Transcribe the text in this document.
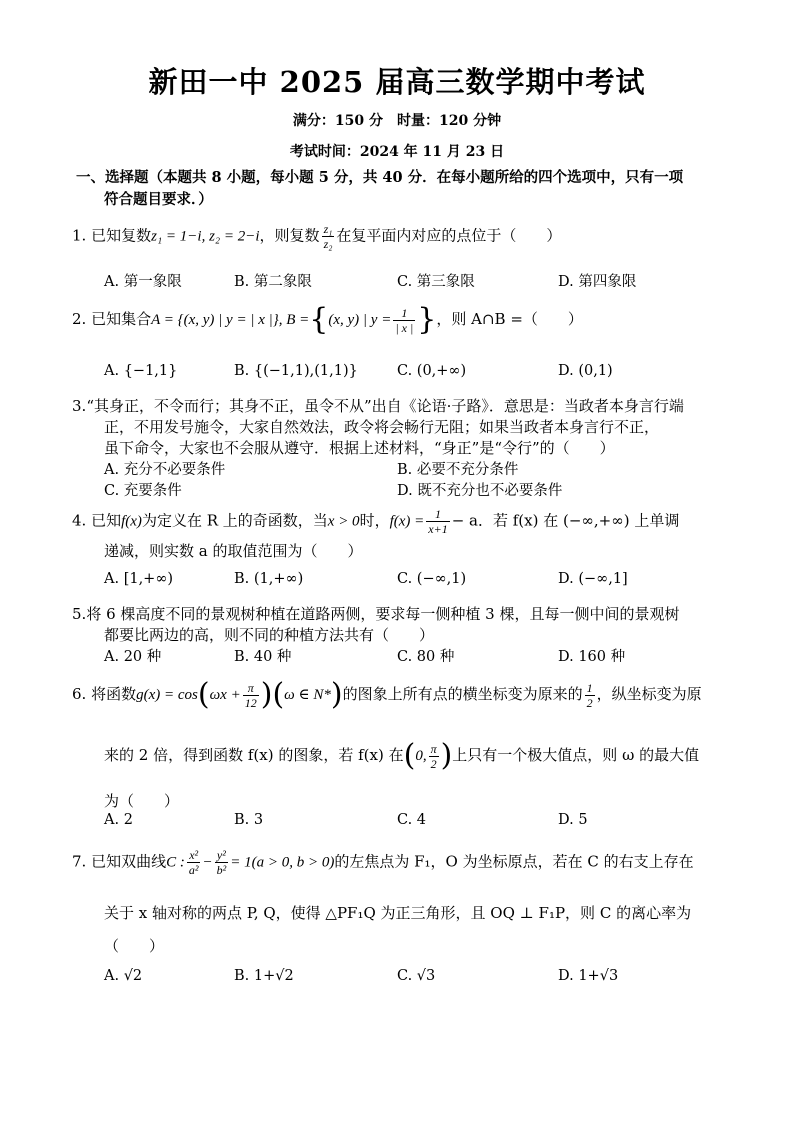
新田一中 2025 届高三数学期中考试
满分：150 分　时量：120 分钟
考试时间：2024 年 11 月 23 日
一、选择题（本题共 8 小题，每小题 5 分，共 40 分．在每小题所给的四个选项中，只有一项
符合题目要求．）
1. 已知复数z₁ = 1−i, z₂ = 2−i，则复数 $\frac{\text{z₁}}{\text{z₂}}$ 在复平面内对应的点位于（　　）
A. 第一象限	B. 第二象限	C. 第三象限	D. 第四象限
2. 已知集合A = {(x, y) | y = | x |}, B ={(x, y) | $y = \frac{1}{| x |}$ }，则 A∩B =（　　）
A. {−1,1}	B. {(−1,1),(1,1)}	C. (0,+∞)	D. (0,1)
3.“其身正，不令而行；其身不正，虽令不从”出自《论语·子路》．意思是：当政者本身言行端
正，不用发号施令，大家自然效法，政令将会畅行无阻；如果当政者本身言行不正，
虽下命令，大家也不会服从遵守．根据上述材料，“身正”是“令行”的（　　）
A. 充分不必要条件	B. 必要不充分条件
C. 充要条件	D. 既不充分也不必要条件
4. 已知f(x)为定义在 R 上的奇函数，当x > 0时，$f(x) = \frac{1}{x+1} - a$．若 f(x) 在 (−∞,+∞) 上单调
递减，则实数 a 的取值范围为（　　）
A. [1,+∞)	B. (1,+∞)	C. (−∞,1)	D. (−∞,1]
5.将 6 棵高度不同的景观树种植在道路两侧，要求每一侧种植 3 棵，且每一侧中间的景观树
都要比两边的高，则不同的种植方法共有（　　）
A. 20 种	B. 40 种	C. 80 种	D. 160 种
6. 将函数$g(x) = \cos(\omega x + \frac{\pi}{12} )(\omega$ ∈ N*)的图象上所有点的横坐标变为原来的 $\frac{1}{2}$ ，纵坐标变为原
来的 2 倍，得到函数 f(x) 的图象，若 f(x) 在(0, $\frac{\pi}{2}$ )上只有一个极大值点，则 ω 的最大值
为（　　）
A. 2	B. 3	C. 4	D. 5
7. 已知双曲线C : $\frac{\text{x²}}{\text{a²}} - \frac{\text{y²}}{\text{b²}} = 1(a > 0$, b > 0)的左焦点为 F₁，O 为坐标原点，若在 C 的右支上存在
关于 x 轴对称的两点 P, Q，使得 △PF₁Q 为正三角形，且 OQ ⊥ F₁P，则 C 的离心率为
（　　）
A. √2	B. 1+√2	C. √3	D. 1+√3
